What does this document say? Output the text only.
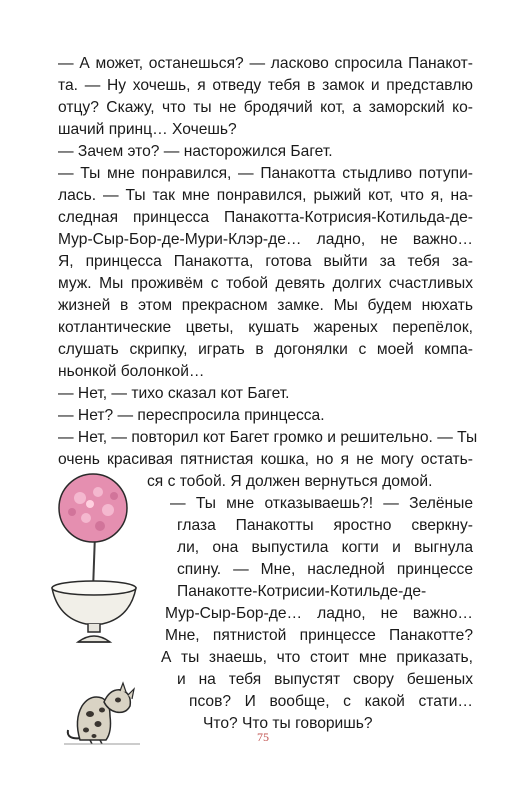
— А может, останешься? — ласково спросила Панакот-
та. — Ну хочешь, я отведу тебя в замок и представлю
отцу? Скажу, что ты не бродячий кот, а заморский ко-
шачий принц… Хочешь?
— Зачем это? — насторожился Багет.
— Ты мне понравился, — Панакотта стыдливо потупи-
лась. — Ты так мне понравился, рыжий кот, что я, на-
следная принцесса Панакотта-Котрисия-Котильда-де-
Мур-Сыр-Бор-де-Мури-Клэр-де… ладно, не важно…
Я, принцесса Панакотта, готова выйти за тебя за-
муж. Мы проживём с тобой девять долгих счастливых
жизней в этом прекрасном замке. Мы будем нюхать
котлантические цветы, кушать жареных перепёлок,
слушать скрипку, играть в догонялки с моей компа-
ньонкой болонкой…
— Нет, — тихо сказал кот Багет.
— Нет? — переспросила принцесса.
— Нет, — повторил кот Багет громко и решительно. — Ты
очень красивая пятнистая кошка, но я не могу остать-
ся с тобой. Я должен вернуться домой.
— Ты мне отказываешь?! — Зелёные
глаза Панакотты яростно сверкну-
ли, она выпустила когти и выгнула
спину. — Мне, наследной принцессе
Панакотте-Котрисии-Котильде-де-
Мур-Сыр-Бор-де… ладно, не важно…
Мне, пятнистой принцессе Панакотте?
А ты знаешь, что стоит мне приказать,
и на тебя выпустят свору бешеных
псов? И вообще, с какой стати…
Что? Что ты говоришь?
75
